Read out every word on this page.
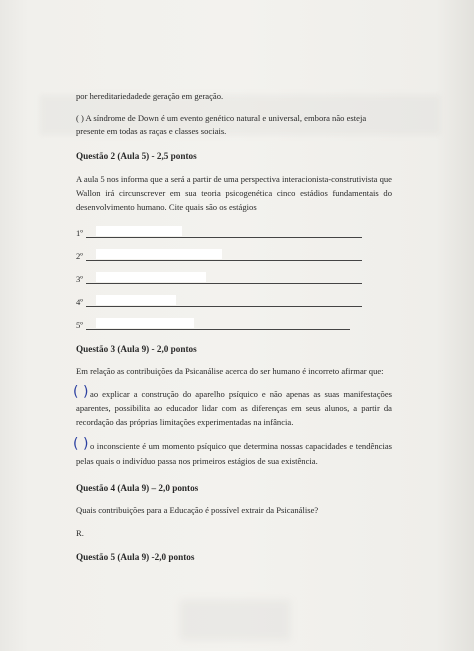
por hereditariedadede geração em geração.
( ) A síndrome de Down é um evento genético natural e universal, embora não esteja
presente em todas as raças e classes sociais.
Questão 2 (Aula 5) - 2,5 pontos
A aula 5 nos informa que a será a partir de uma perspectiva interacionista-construtivista que
Wallon irá circunscrever em sua teoria psicogenética cinco estádios fundamentais do
desenvolvimento humano. Cite quais são os estágios
1º
2º
3º
4º
5º
Questão 3 (Aula 9) - 2,0 pontos
Em relação as contribuições da Psicanálise acerca do ser humano é incorreto afirmar que:
( ) ao explicar a construção do aparelho psíquico e não apenas as suas manifestações
aparentes, possibilita ao educador lidar com as diferenças em seus alunos, a partir da
recordação das próprias limitações experimentadas na infância.
( ) o inconsciente é um momento psíquico que determina nossas capacidades e tendências
pelas quais o indivíduo passa nos primeiros estágios de sua existência.
Questão 4 (Aula 9) – 2,0 pontos
Quais contribuições para a Educação é possível extrair da Psicanálise?
R.
Questão 5 (Aula 9) -2,0 pontos
